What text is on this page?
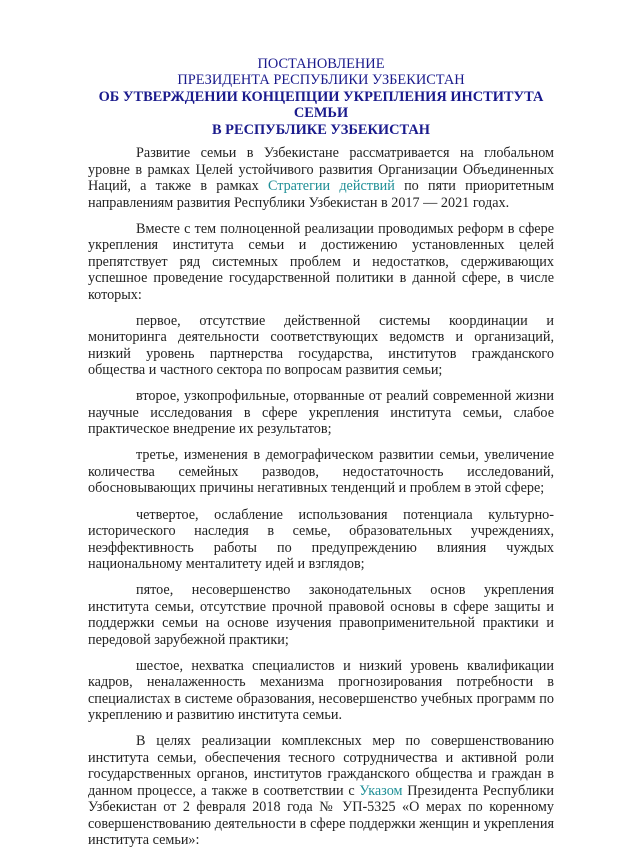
ПОСТАНОВЛЕНИЕ
ПРЕЗИДЕНТА РЕСПУБЛИКИ УЗБЕКИСТАН
ОБ УТВЕРЖДЕНИИ КОНЦЕПЦИИ УКРЕПЛЕНИЯ ИНСТИТУТА СЕМЬИ
В РЕСПУБЛИКЕ УЗБЕКИСТАН

Развитие семьи в Узбекистане рассматривается на глобальном уровне в рамках Целей устойчивого развития Организации Объединенных Наций, а также в рамках Стратегии действий по пяти приоритетным направлениям развития Республики Узбекистан в 2017 — 2021 годах.

Вместе с тем полноценной реализации проводимых реформ в сфере укрепления института семьи и достижению установленных целей препятствует ряд системных проблем и недостатков, сдерживающих успешное проведение государственной политики в данной сфере, в числе которых:

первое, отсутствие действенной системы координации и мониторинга деятельности соответствующих ведомств и организаций, низкий уровень партнерства государства, институтов гражданского общества и частного сектора по вопросам развития семьи;

второе, узкопрофильные, оторванные от реалий современной жизни научные исследования в сфере укрепления института семьи, слабое практическое внедрение их результатов;

третье, изменения в демографическом развитии семьи, увеличение количества семейных разводов, недостаточность исследований, обосновывающих причины негативных тенденций и проблем в этой сфере;

четвертое, ослабление использования потенциала культурно-исторического наследия в семье, образовательных учреждениях, неэффективность работы по предупреждению влияния чуждых национальному менталитету идей и взглядов;

пятое, несовершенство законодательных основ укрепления института семьи, отсутствие прочной правовой основы в сфере защиты и поддержки семьи на основе изучения правоприменительной практики и передовой зарубежной практики;

шестое, нехватка специалистов и низкий уровень квалификации кадров, неналаженность механизма прогнозирования потребности в специалистах в системе образования, несовершенство учебных программ по укреплению и развитию института семьи.

В целях реализации комплексных мер по совершенствованию института семьи, обеспечения тесного сотрудничества и активной роли государственных органов, институтов гражданского общества и граждан в данном процессе, а также в соответствии с Указом Президента Республики Узбекистан от 2 февраля 2018 года № УП-5325 «О мерах по коренному совершенствованию деятельности в сфере поддержки женщин и укрепления института семьи»:
